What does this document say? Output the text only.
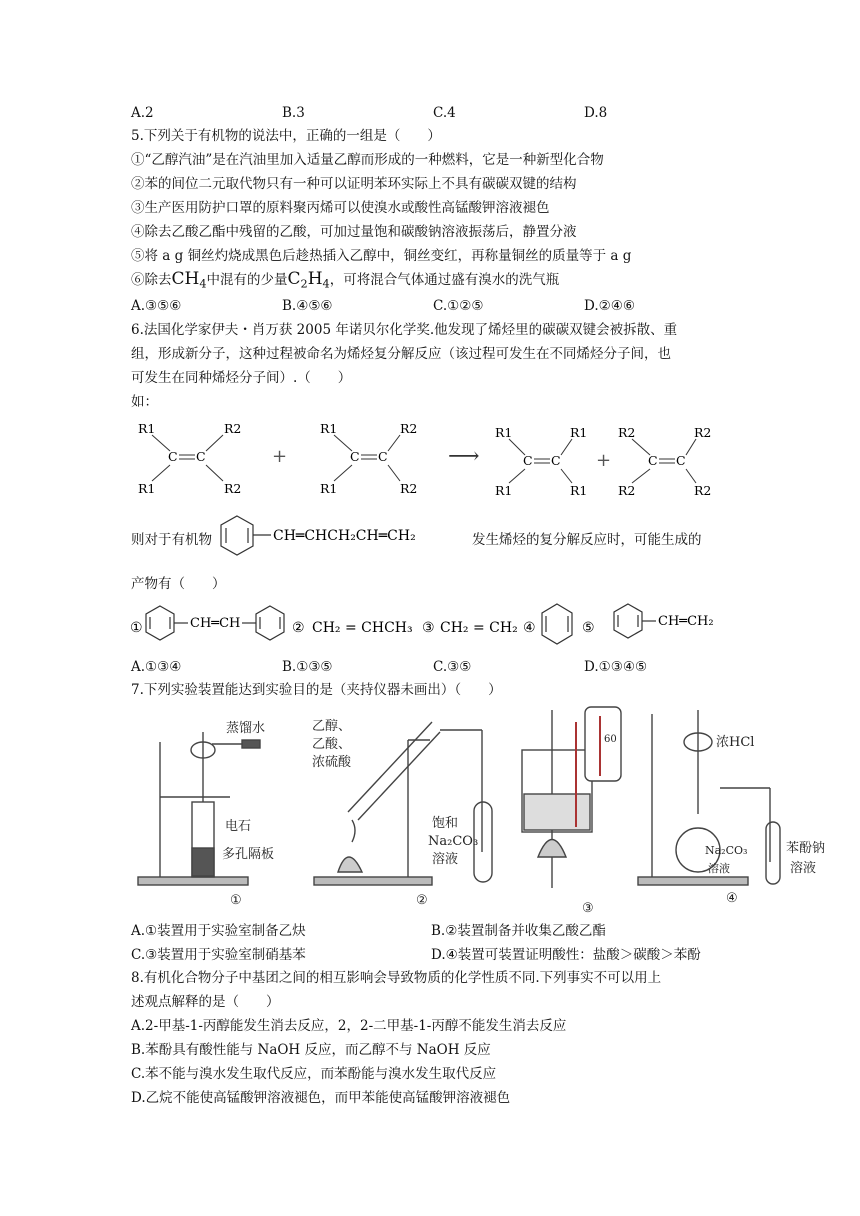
A.2	B.3	C.4	D.8
5.下列关于有机物的说法中，正确的一组是（　　）
①“乙醇汽油”是在汽油里加入适量乙醇而形成的一种燃料，它是一种新型化合物
②苯的间位二元取代物只有一种可以证明苯环实际上不具有碳碳双键的结构
③生产医用防护口罩的原料聚丙烯可以使溴水或酸性高锰酸钾溶液褪色
④除去乙酸乙酯中残留的乙酸，可加过量饱和碳酸钠溶液振荡后，静置分液
⑤将 a g 铜丝灼烧成黑色后趁热插入乙醇中，铜丝变红，再称量铜丝的质量等于 a g
⑥除去$CH_4$中混有的少量$C_2H_4$，可将混合气体通过盛有溴水的洗气瓶
A.③⑤⑥	B.④⑤⑥	C.①②⑤	D.②④⑥
6.法国化学家伊夫・肖万获 2005 年诺贝尔化学奖.他发现了烯烃里的碳碳双键会被拆散、重
组，形成新分子，这种过程被命名为烯烃复分解反应（该过程可发生在不同烯烃分子间，也
可发生在同种烯烃分子间）.（　　）
如：
R1	R2
C C
R1	R2
R1	R2
C C
R1	R2
R1	R1
C C
R1	R1
R2	R2
C C
R2	R2
+	⟶	+
则对于有机物	CH═CHCH₂CH═CH₂	发生烯烃的复分解反应时，可能生成的
产物有（　　）
①	CH═CH	② CH₂ = CHCH₃ ③ CH₂ = CH₂ ④	⑤	CH═CH₂
A.①③④	B.①③⑤	C.③⑤	D.①③④⑤
7.下列实验装置能达到实验目的是（夹持仪器未画出）（　　）
蒸馏水
电石
多孔隔板
①
乙醇、
乙酸、
浓硫酸
饱和
Na₂CO₃
溶液
②
60
③
浓HCl
Na₂CO₃
溶液
苯酚钠
溶液
④
A.①装置用于实验室制备乙炔	B.②装置制备并收集乙酸乙酯
C.③装置用于实验室制硝基苯	D.④装置可装置证明酸性：盐酸＞碳酸＞苯酚
8.有机化合物分子中基团之间的相互影响会导致物质的化学性质不同.下列事实不可以用上
述观点解释的是（　　）
A.2-甲基-1-丙醇能发生消去反应，2，2-二甲基-1-丙醇不能发生消去反应
B.苯酚具有酸性能与 NaOH 反应，而乙醇不与 NaOH 反应
C.苯不能与溴水发生取代反应，而苯酚能与溴水发生取代反应
D.乙烷不能使高锰酸钾溶液褪色，而甲苯能使高锰酸钾溶液褪色
